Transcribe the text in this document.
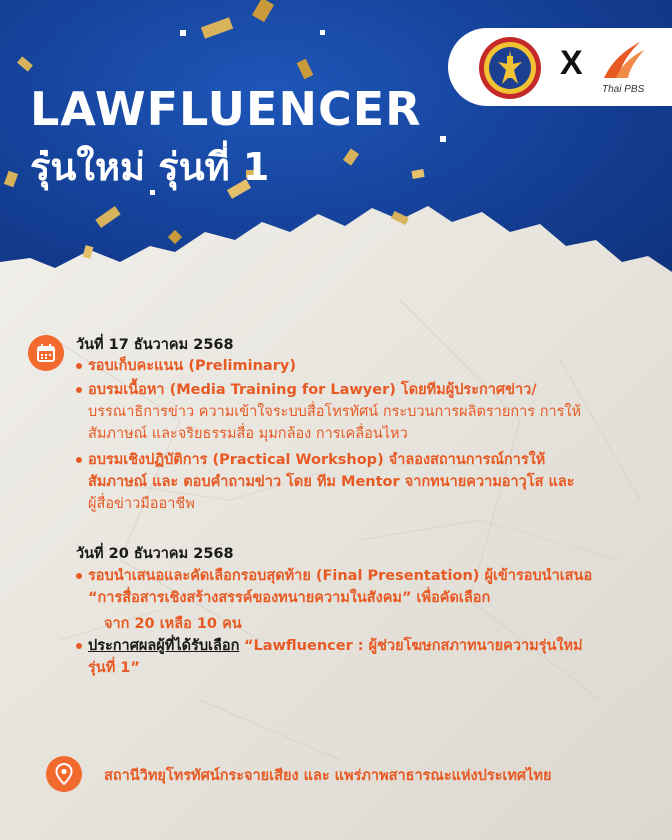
X
Thai PBS
LAWFLUENCER
รุ่นใหม่ รุ่นที่ 1
วันที่ 17 ธันวาคม 2568
รอบเก็บคะแนน (Preliminary)
อบรมเนื้อหา (Media Training for Lawyer) โดยทีมผู้ประกาศข่าว/
บรรณาธิการข่าว ความเข้าใจระบบสื่อโทรทัศน์ กระบวนการผลิตรายการ การให้
สัมภาษณ์ และจริยธรรมสื่อ มุมกล้อง การเคลื่อนไหว
อบรมเชิงปฏิบัติการ (Practical Workshop) จำลองสถานการณ์การให้
สัมภาษณ์ และ ตอบคำถามข่าว โดย ทีม Mentor จากทนายความอาวุโส และ
ผู้สื่อข่าวมืออาชีพ
วันที่ 20 ธันวาคม 2568
รอบนำเสนอและคัดเลือกรอบสุดท้าย (Final Presentation) ผู้เข้ารอบนำเสนอ
“การสื่อสารเชิงสร้างสรรค์ของทนายความในสังคม” เพื่อคัดเลือก
จาก 20 เหลือ 10 คน
ประกาศผลผู้ที่ได้รับเลือก “Lawfluencer : ผู้ช่วยโฆษกสภาทนายความรุ่นใหม่
รุ่นที่ 1”
สถานีวิทยุโทรทัศน์กระจายเสียง และ แพร่ภาพสาธารณะแห่งประเทศไทย
